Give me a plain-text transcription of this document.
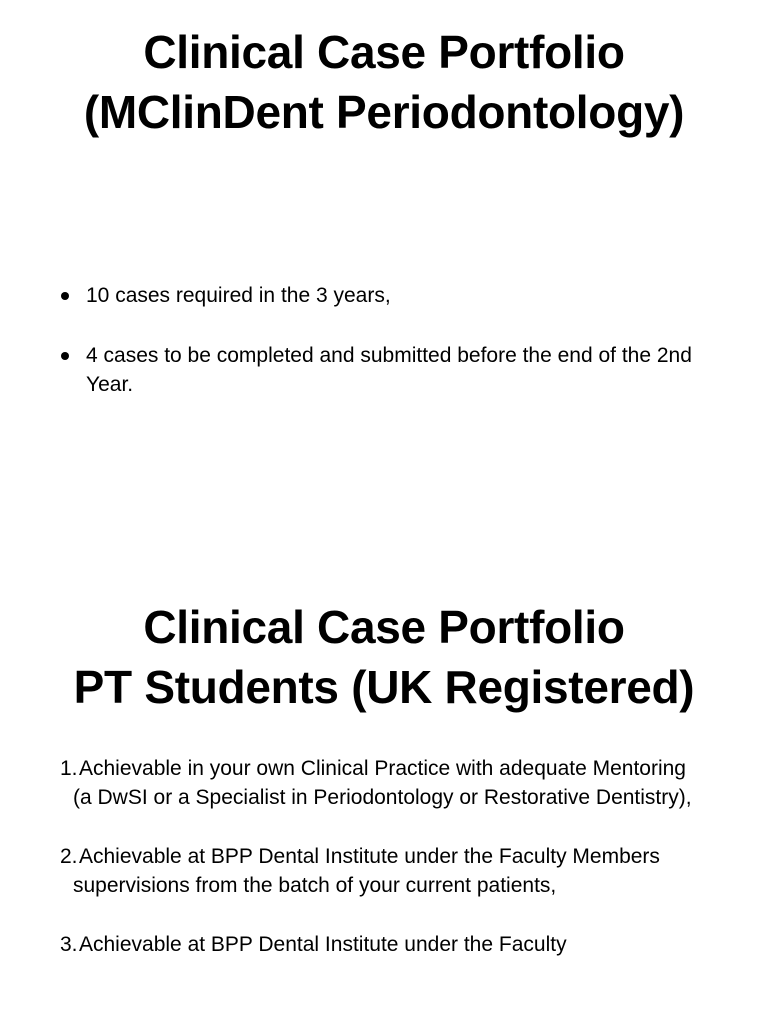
Clinical Case Portfolio
(MClinDent Periodontology)
10 cases required in the 3 years,
4 cases to be completed and submitted before the end of the 2nd Year.
Clinical Case Portfolio
PT Students (UK Registered)
1. Achievable in your own Clinical Practice with adequate Mentoring (a DwSI or a Specialist in Periodontology or Restorative Dentistry),
2. Achievable at BPP Dental Institute under the Faculty Members supervisions from the batch of your current patients,
3. Achievable at BPP Dental Institute under the Faculty
